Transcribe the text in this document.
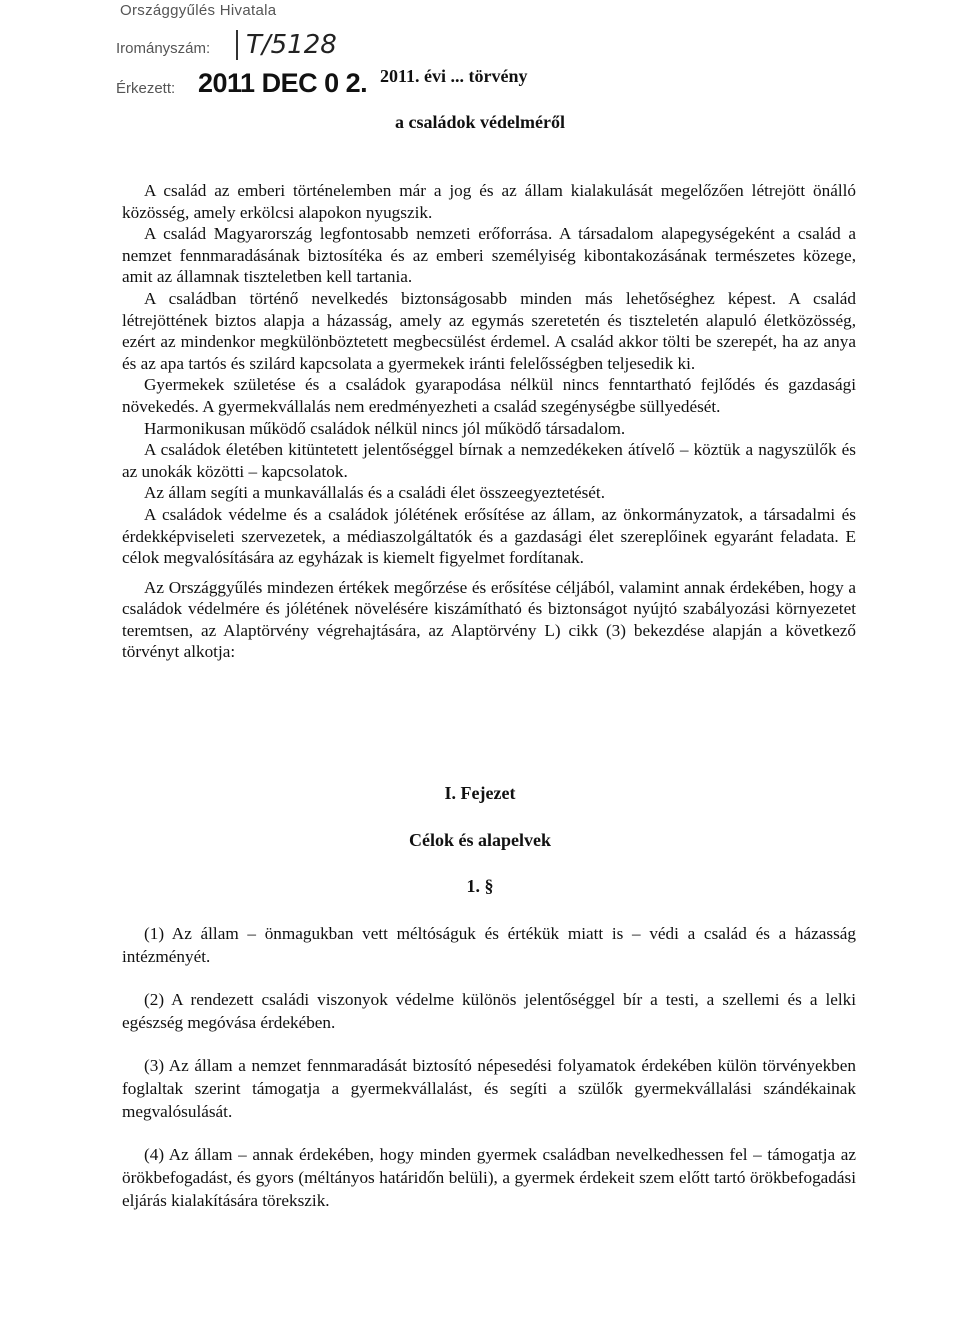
Országgyűlés Hivatala
Irományszám:	T/5128
Érkezett: 2011 DEC 0 2. 2011. évi ... törvény
a családok védelméről

A család az emberi történelemben már a jog és az állam kialakulását megelőzően létrejött önálló közösség, amely erkölcsi alapokon nyugszik.

A család Magyarország legfontosabb nemzeti erőforrása. A társadalom alapegységeként a család a nemzet fennmaradásának biztosítéka és az emberi személyiség kibontakozásának természetes közege, amit az államnak tiszteletben kell tartania.

A családban történő nevelkedés biztonságosabb minden más lehetőséghez képest. A család létrejöttének biztos alapja a házasság, amely az egymás szeretetén és tiszteletén alapuló életközösség, ezért az mindenkor megkülönböztetett megbecsülést érdemel. A család akkor tölti be szerepét, ha az anya és az apa tartós és szilárd kapcsolata a gyermekek iránti felelősségben teljesedik ki.

Gyermekek születése és a családok gyarapodása nélkül nincs fenntartható fejlődés és gazdasági növekedés. A gyermekvállalás nem eredményezheti a család szegénységbe süllyedését.

Harmonikusan működő családok nélkül nincs jól működő társadalom.

A családok életében kitüntetett jelentőséggel bírnak a nemzedékeken átívelő – köztük a nagyszülők és az unokák közötti – kapcsolatok.

Az állam segíti a munkavállalás és a családi élet összeegyeztetését.

A családok védelme és a családok jólétének erősítése az állam, az önkormányzatok, a társadalmi és érdekképviseleti szervezetek, a médiaszolgáltatók és a gazdasági élet szereplőinek egyaránt feladata. E célok megvalósítására az egyházak is kiemelt figyelmet fordítanak.

Az Országgyűlés mindezen értékek megőrzése és erősítése céljából, valamint annak érdekében, hogy a családok védelmére és jólétének növelésére kiszámítható és biztonságot nyújtó szabályozási környezetet teremtsen, az Alaptörvény végrehajtására, az Alaptörvény L) cikk (3) bekezdése alapján a következő törvényt alkotja:

I. Fejezet
Célok és alapelvek
1. §

(1) Az állam – önmagukban vett méltóságuk és értékük miatt is – védi a család és a házasság intézményét.

(2) A rendezett családi viszonyok védelme különös jelentőséggel bír a testi, a szellemi és a lelki egészség megóvása érdekében.

(3) Az állam a nemzet fennmaradását biztosító népesedési folyamatok érdekében külön törvényekben foglaltak szerint támogatja a gyermekvállalást, és segíti a szülők gyermekvállalási szándékainak megvalósulását.

(4) Az állam – annak érdekében, hogy minden gyermek családban nevelkedhessen fel – támogatja az örökbefogadást, és gyors (méltányos határidőn belüli), a gyermek érdekeit szem előtt tartó örökbefogadási eljárás kialakítására törekszik.
